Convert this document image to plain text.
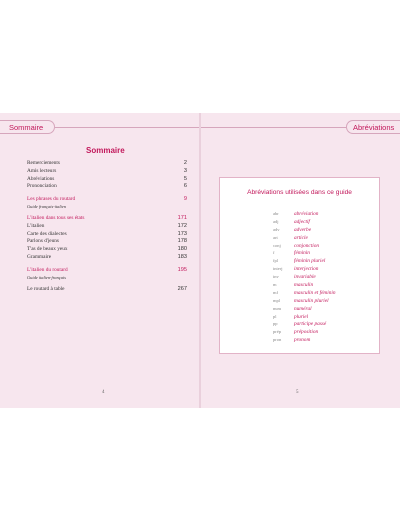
Sommaire	Abréviations
Sommaire
Remerciements	2
Amis lecteurs	3
Abréviations	5
Prononciation	6
Les phrases du routard	9
Guide français-italien
L'italien dans tous ses états	171
L'italien	172
Carte des dialectes	173
Parlons d'jeuns	178
T'as de beaux yeux	180
Grammaire	183
L'italien du routard	195
Guide italien-français
Le routard à table	267
Abréviations utilisées dans ce guide
abr	abréviation
adj	adjectif
adv	adverbe
art	article
conj	conjonction
f	féminin
fpl	féminin pluriel
interj interjection
inv	invariable
m	masculin
mf	masculin et féminin
mpl	masculin pluriel
num numéral
pl	pluriel
pp	participe passé
prép préposition
pron pronom
4	5
